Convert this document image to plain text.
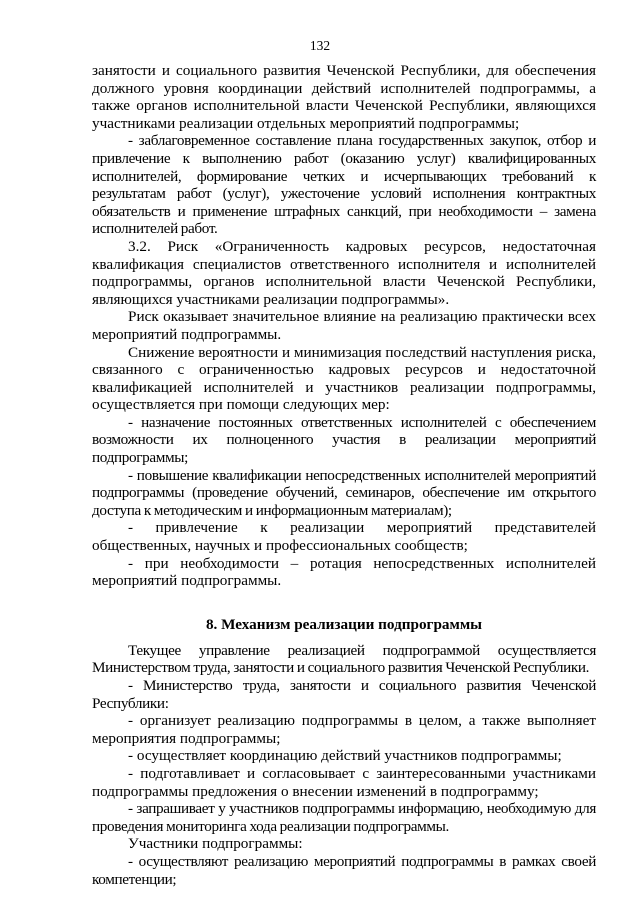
132

занятости и социального развития Чеченской Республики, для обеспечения должного уровня координации действий исполнителей подпрограммы, а также органов исполнительной власти Чеченской Республики, являющихся участниками реализации отдельных мероприятий подпрограммы;

- заблаговременное составление плана государственных закупок, отбор и привлечение к выполнению работ (оказанию услуг) квалифицированных исполнителей, формирование четких и исчерпывающих требований к результатам работ (услуг), ужесточение условий исполнения контрактных обязательств и применение штрафных санкций, при необходимости – замена исполнителей работ.

3.2. Риск «Ограниченность кадровых ресурсов, недостаточная квалификация специалистов ответственного исполнителя и исполнителей подпрограммы, органов исполнительной власти Чеченской Республики, являющихся участниками реализации подпрограммы».

Риск оказывает значительное влияние на реализацию практически всех мероприятий подпрограммы.

Снижение вероятности и минимизация последствий наступления риска, связанного с ограниченностью кадровых ресурсов и недостаточной квалификацией исполнителей и участников реализации подпрограммы, осуществляется при помощи следующих мер:

- назначение постоянных ответственных исполнителей с обеспечением возможности их полноценного участия в реализации мероприятий подпрограммы;

- повышение квалификации непосредственных исполнителей мероприятий подпрограммы (проведение обучений, семинаров, обеспечение им открытого доступа к методическим и информационным материалам);

- привлечение к реализации мероприятий представителей общественных, научных и профессиональных сообществ;

- при необходимости – ротация непосредственных исполнителей мероприятий подпрограммы.

8. Механизм реализации подпрограммы

Текущее управление реализацией подпрограммой осуществляется Министерством труда, занятости и социального развития Чеченской Республики.

- Министерство труда, занятости и социального развития Чеченской Республики:

- организует реализацию подпрограммы в целом, а также выполняет мероприятия подпрограммы;

- осуществляет координацию действий участников подпрограммы;

- подготавливает и согласовывает с заинтересованными участниками подпрограммы предложения о внесении изменений в подпрограмму;

- запрашивает у участников подпрограммы информацию, необходимую для проведения мониторинга хода реализации подпрограммы.

Участники подпрограммы:

- осуществляют реализацию мероприятий подпрограммы в рамках своей компетенции;
